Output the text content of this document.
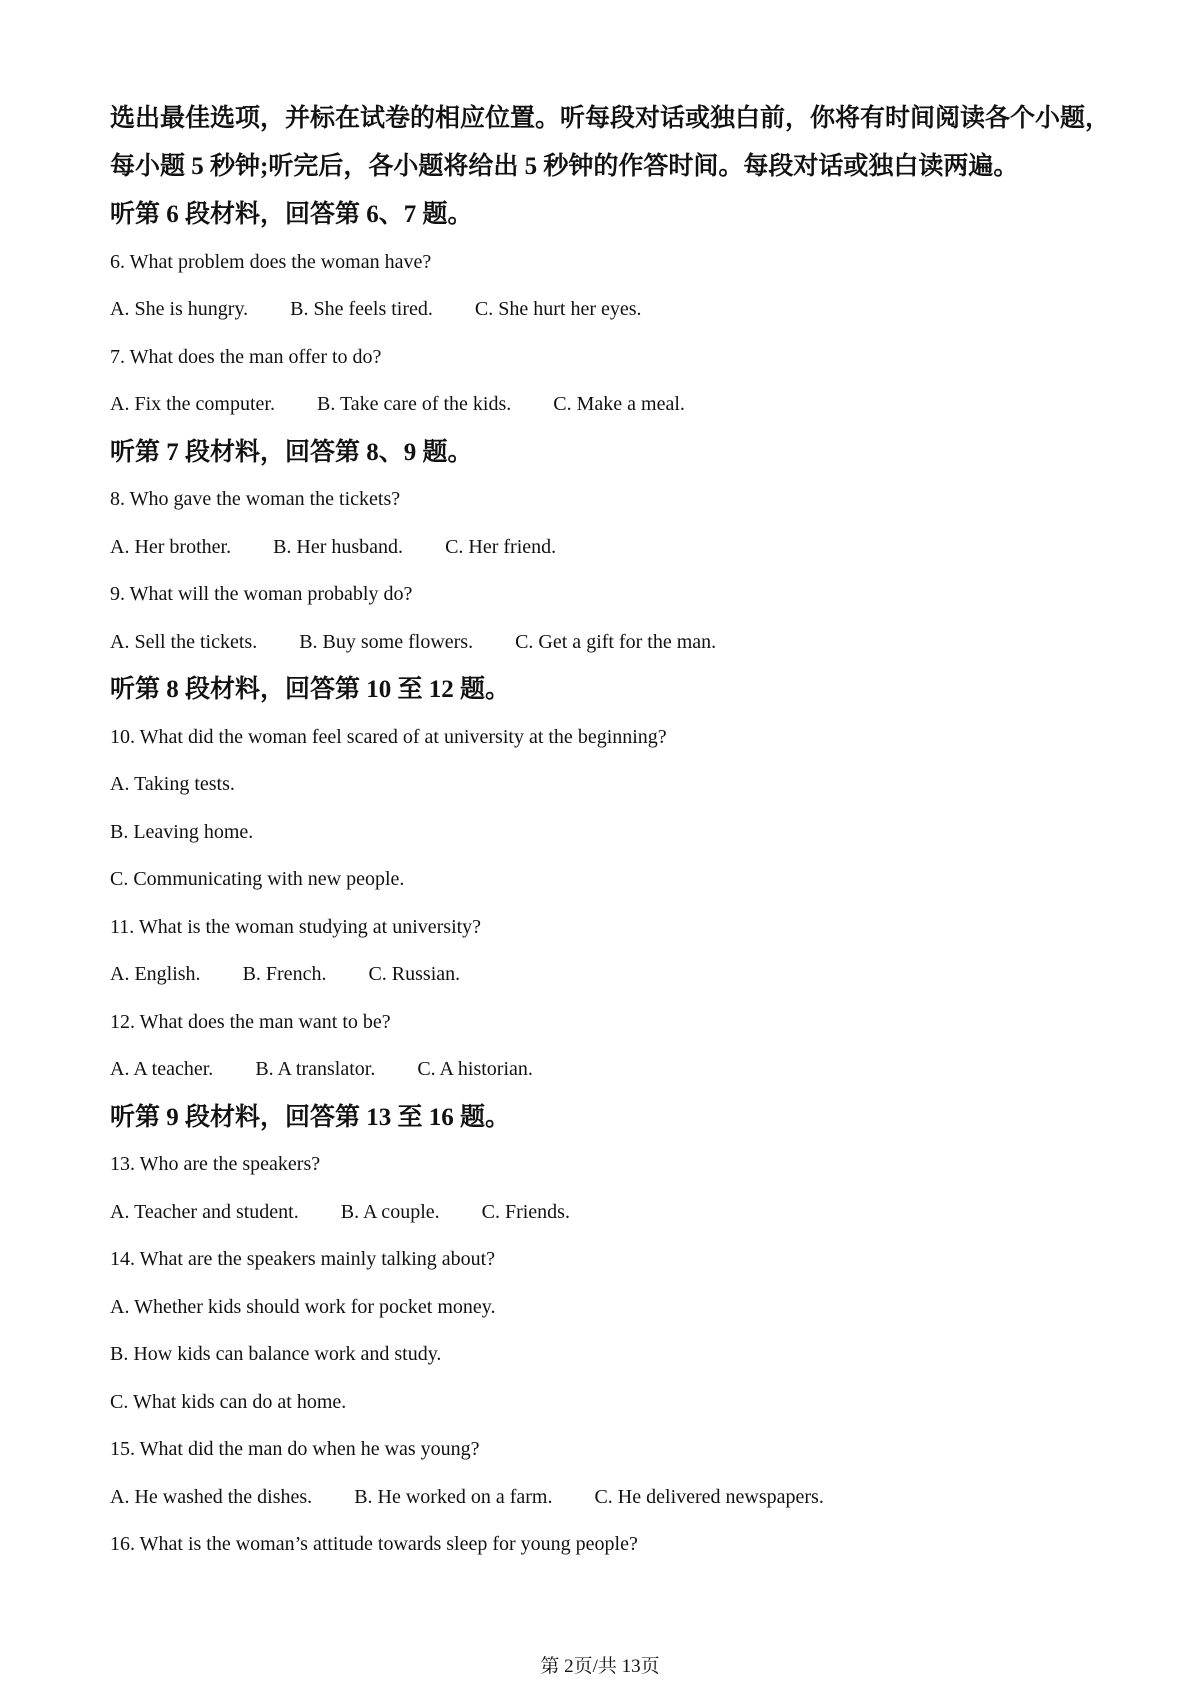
选出最佳选项，并标在试卷的相应位置。听每段对话或独白前，你将有时间阅读各个小题，
每小题 5 秒钟;听完后，各小题将给出 5 秒钟的作答时间。每段对话或独白读两遍。
听第 6 段材料，回答第 6、7 题。
6. What problem does the woman have?
A. She is hungry. B. She feels tired. C. She hurt her eyes.
7. What does the man offer to do?
A. Fix the computer. B. Take care of the kids. C. Make a meal.
听第 7 段材料，回答第 8、9 题。
8. Who gave the woman the tickets?
A. Her brother. B. Her husband. C. Her friend.
9. What will the woman probably do?
A. Sell the tickets. B. Buy some flowers. C. Get a gift for the man.
听第 8 段材料，回答第 10 至 12 题。
10. What did the woman feel scared of at university at the beginning?
A. Taking tests.
B. Leaving home.
C. Communicating with new people.
11. What is the woman studying at university?
A. English. B. French. C. Russian.
12. What does the man want to be?
A. A teacher. B. A translator. C. A historian.
听第 9 段材料，回答第 13 至 16 题。
13. Who are the speakers?
A. Teacher and student. B. A couple. C. Friends.
14. What are the speakers mainly talking about?
A. Whether kids should work for pocket money.
B. How kids can balance work and study.
C. What kids can do at home.
15. What did the man do when he was young?
A. He washed the dishes. B. He worked on a farm. C. He delivered newspapers.
16. What is the woman’s attitude towards sleep for young people?
第 2页/共 13页
